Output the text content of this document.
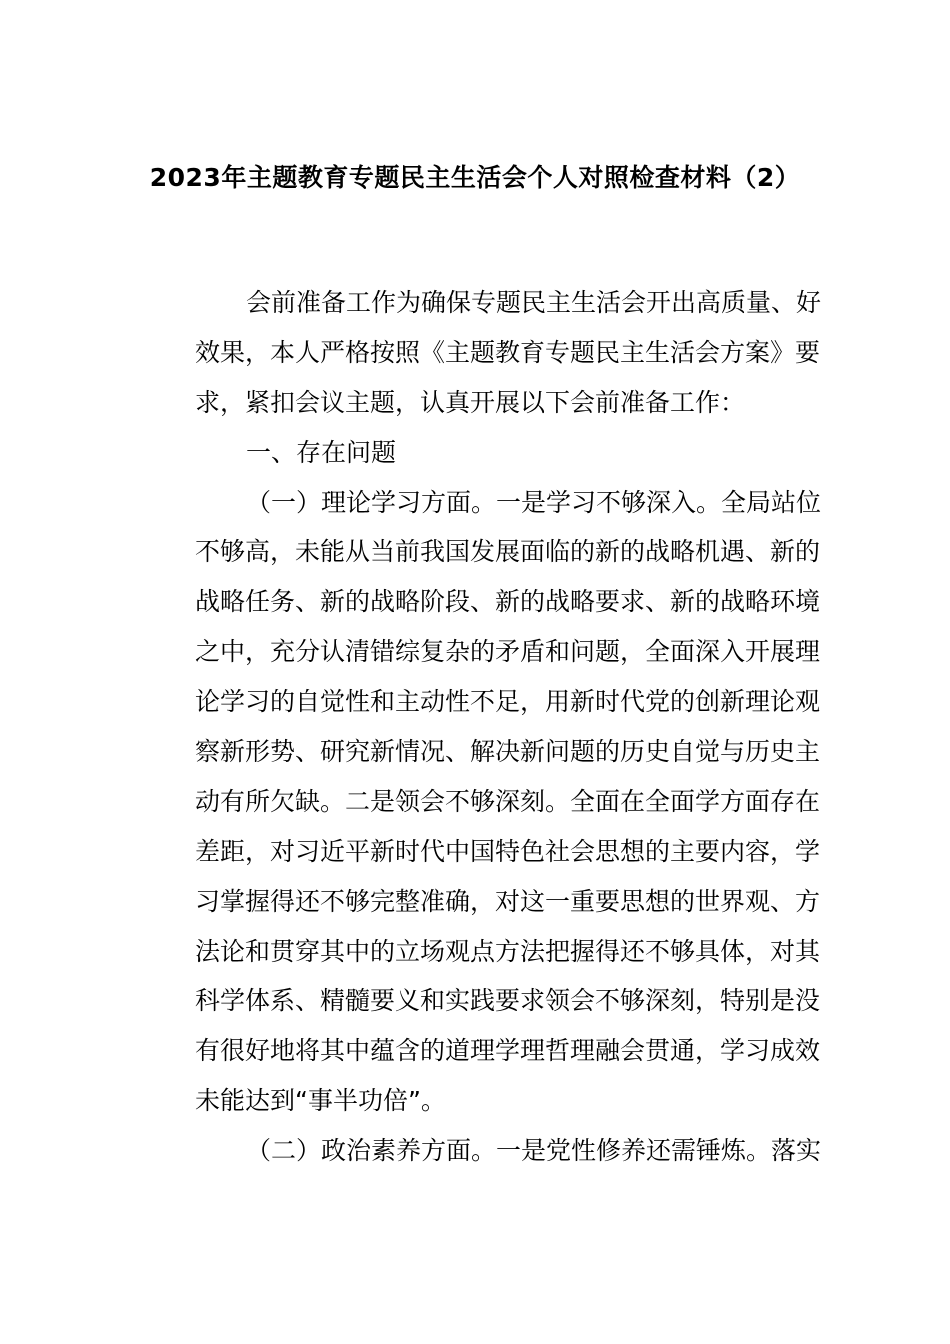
2023年主题教育专题民主生活会个人对照检查材料（2）
会前准备工作为确保专题民主生活会开出高质量、好
效果，本人严格按照《主题教育专题民主生活会方案》要
求，紧扣会议主题，认真开展以下会前准备工作：
一、存在问题
（一）理论学习方面。一是学习不够深入。全局站位
不够高，未能从当前我国发展面临的新的战略机遇、新的
战略任务、新的战略阶段、新的战略要求、新的战略环境
之中，充分认清错综复杂的矛盾和问题，全面深入开展理
论学习的自觉性和主动性不足，用新时代党的创新理论观
察新形势、研究新情况、解决新问题的历史自觉与历史主
动有所欠缺。二是领会不够深刻。全面在全面学方面存在
差距，对习近平新时代中国特色社会思想的主要内容，学
习掌握得还不够完整准确，对这一重要思想的世界观、方
法论和贯穿其中的立场观点方法把握得还不够具体，对其
科学体系、精髓要义和实践要求领会不够深刻，特别是没
有很好地将其中蕴含的道理学理哲理融会贯通，学习成效
未能达到“事半功倍”。
（二）政治素养方面。一是党性修养还需锤炼。落实
